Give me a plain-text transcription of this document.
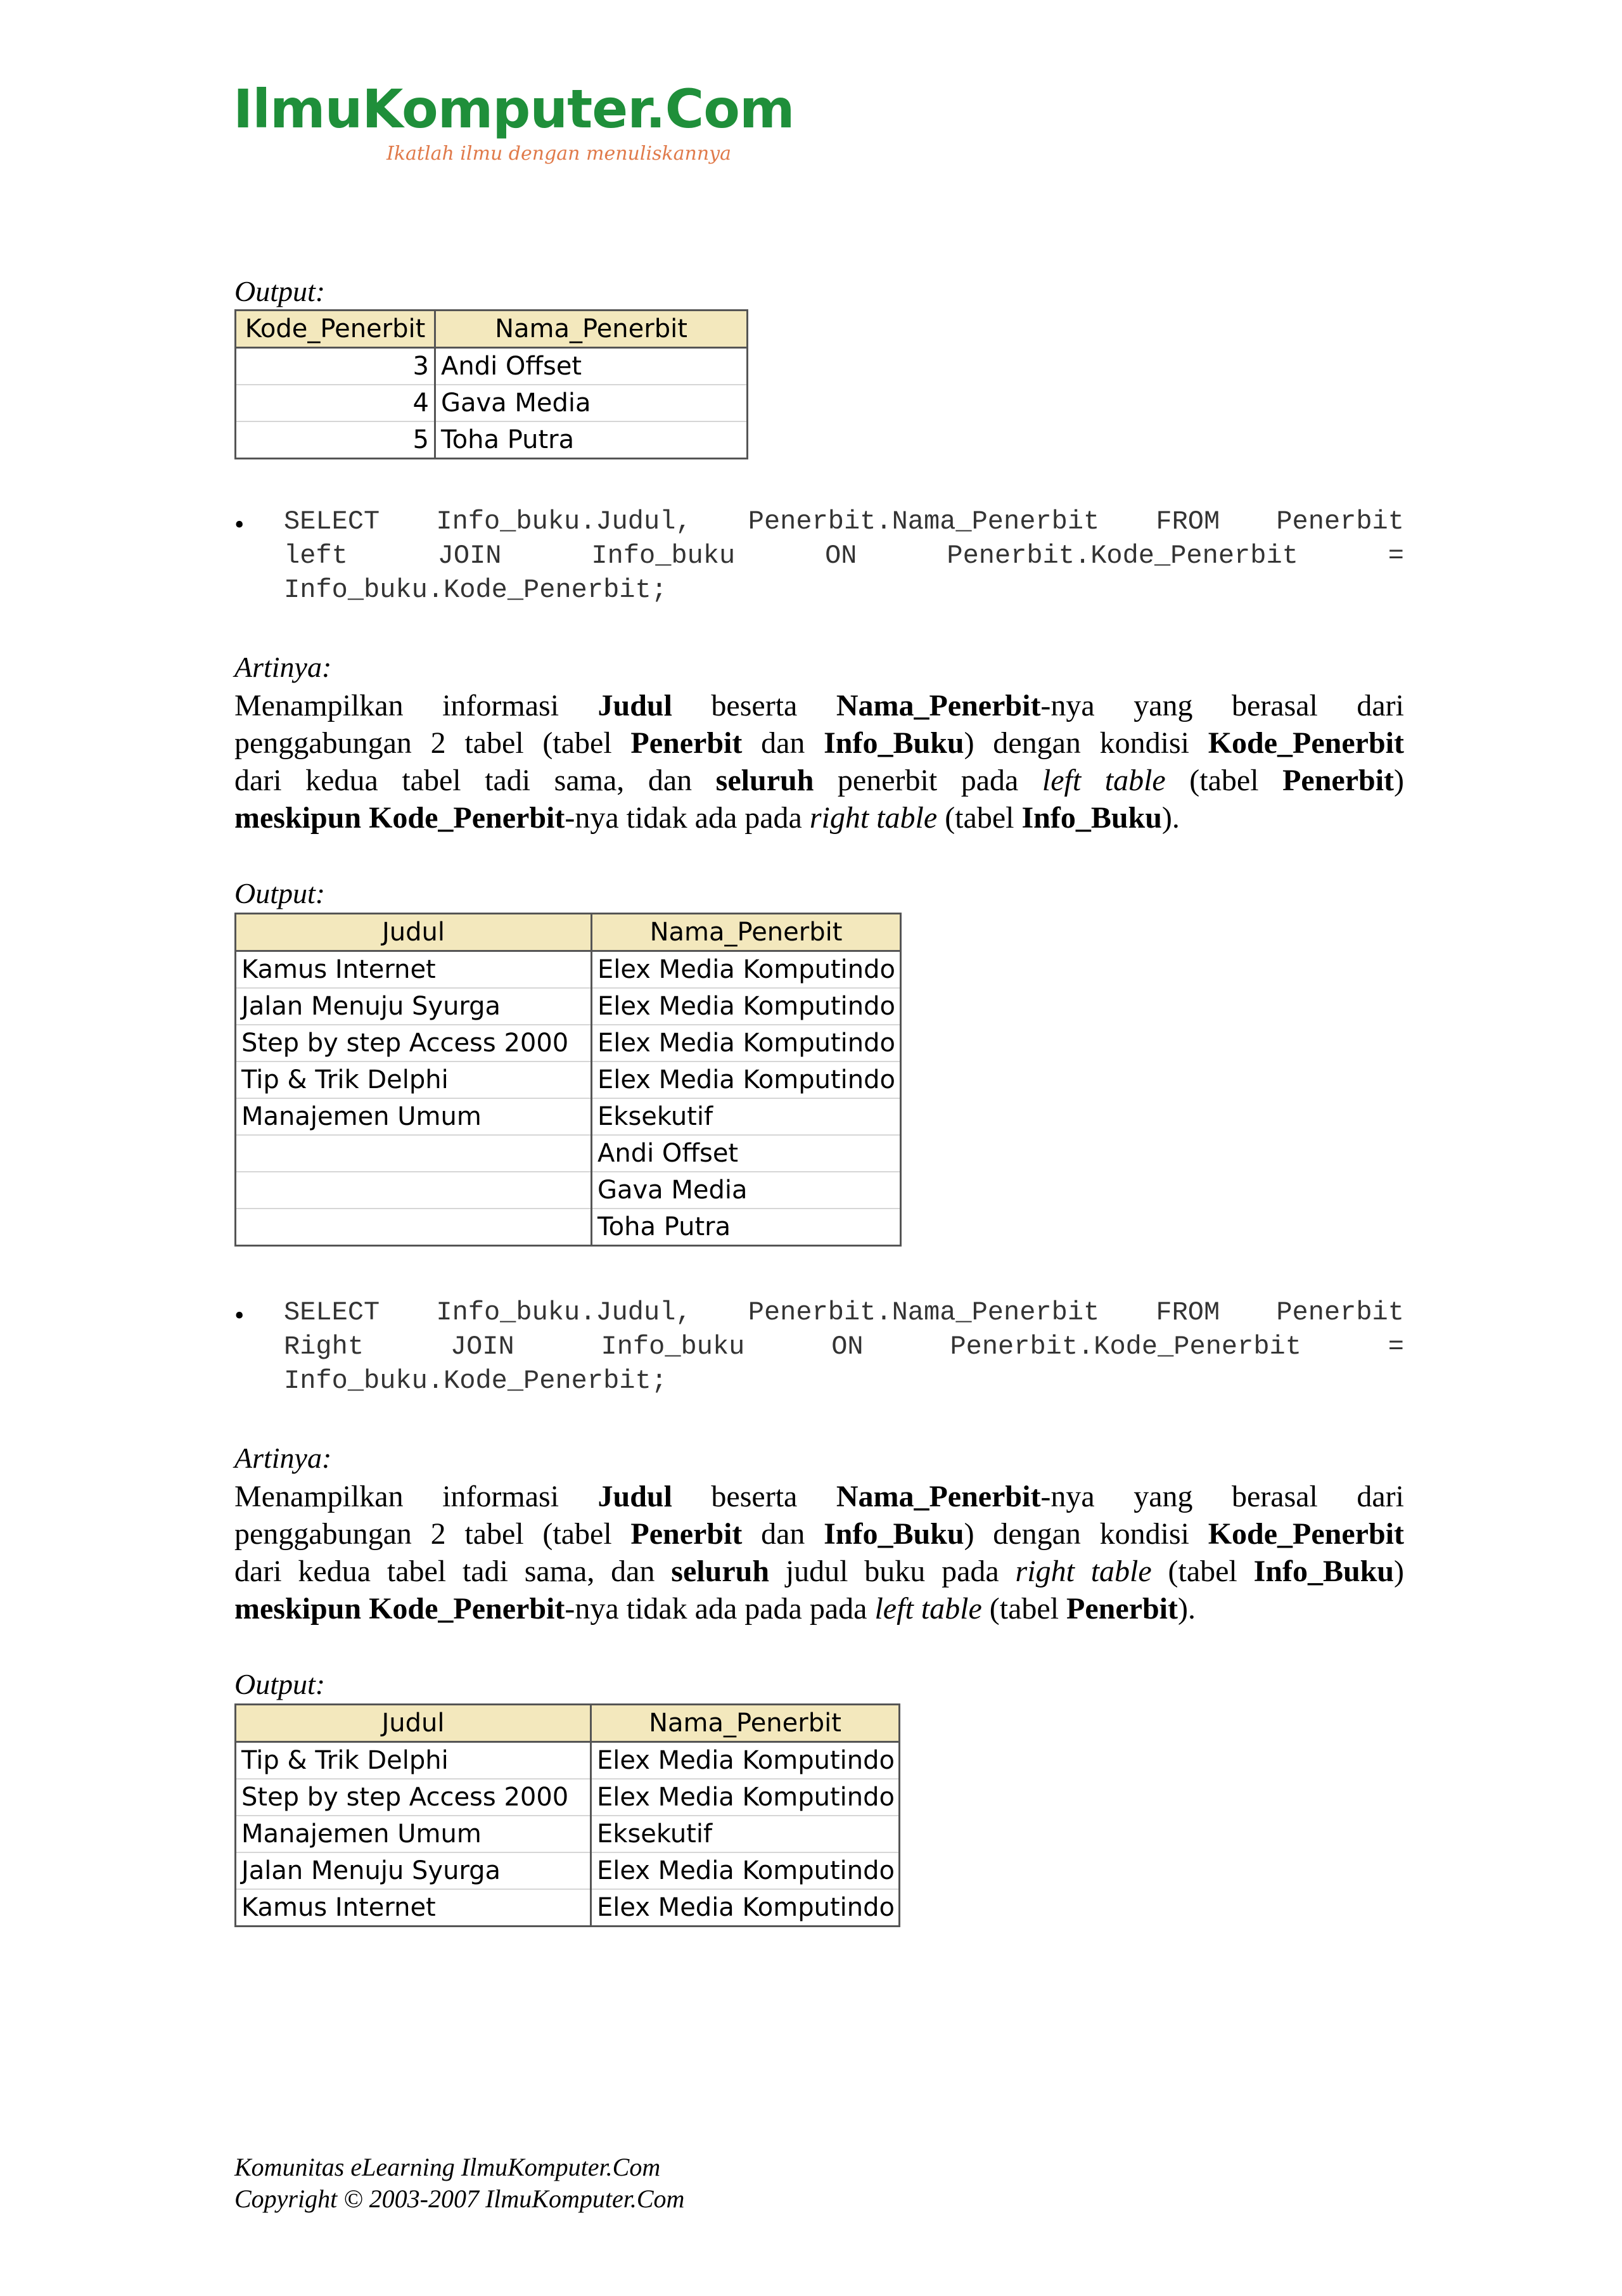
IlmuKomputer.Com
Ikatlah ilmu dengan menuliskannya
Output:
Kode_Penerbit	Nama_Penerbit
3	Andi Offset
4	Gava Media
5	Toha Putra
• SELECT Info_buku.Judul, Penerbit.Nama_Penerbit FROM Penerbit
left	JOIN	Info_buku	ON	Penerbit.Kode_Penerbit	=
Info_buku.Kode_Penerbit;
Artinya:
Menampilkan informasi Judul beserta Nama_Penerbit-nya yang berasal dari
penggabungan 2 tabel (tabel Penerbit dan Info_Buku) dengan kondisi Kode_Penerbit
dari kedua tabel tadi sama, dan seluruh penerbit pada left table (tabel Penerbit)
meskipun Kode_Penerbit-nya tidak ada pada right table (tabel Info_Buku).
Output:
Judul	Nama_Penerbit
Kamus Internet	Elex Media Komputindo
Jalan Menuju Syurga	Elex Media Komputindo
Step by step Access 2000	Elex Media Komputindo
Tip & Trik Delphi	Elex Media Komputindo
Manajemen Umum	Eksekutif
	Andi Offset
	Gava Media
	Toha Putra
• SELECT Info_buku.Judul, Penerbit.Nama_Penerbit FROM Penerbit
Right	JOIN	Info_buku	ON	Penerbit.Kode_Penerbit	=
Info_buku.Kode_Penerbit;
Artinya:
Menampilkan informasi Judul beserta Nama_Penerbit-nya yang berasal dari
penggabungan 2 tabel (tabel Penerbit dan Info_Buku) dengan kondisi Kode_Penerbit
dari kedua tabel tadi sama, dan seluruh judul buku pada right table (tabel Info_Buku)
meskipun Kode_Penerbit-nya tidak ada pada pada left table (tabel Penerbit).
Output:
Judul	Nama_Penerbit
Tip & Trik Delphi	Elex Media Komputindo
Step by step Access 2000	Elex Media Komputindo
Manajemen Umum	Eksekutif
Jalan Menuju Syurga	Elex Media Komputindo
Kamus Internet	Elex Media Komputindo
Komunitas eLearning IlmuKomputer.Com
Copyright © 2003-2007 IlmuKomputer.Com
